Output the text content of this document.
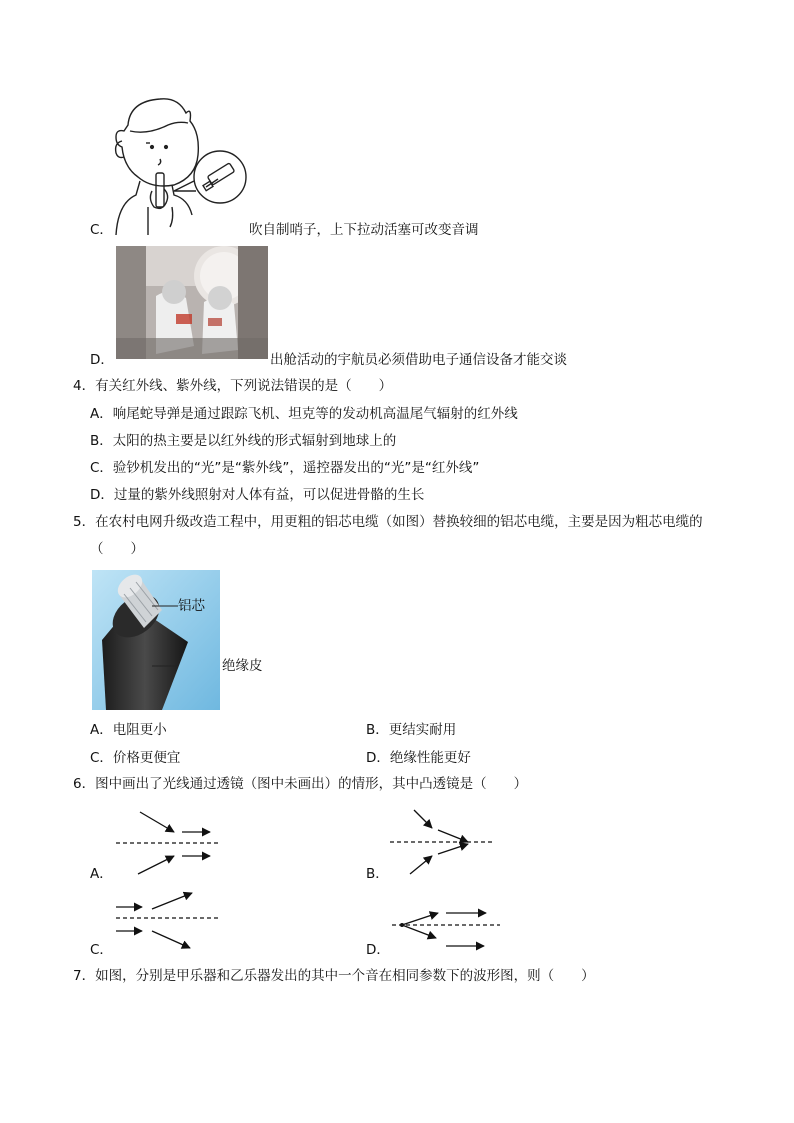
C．	吹自制哨子，上下拉动活塞可改变音调
D．	出舱活动的宇航员必须借助电子通信设备才能交谈
4．有关红外线、紫外线，下列说法错误的是（　　）
A．响尾蛇导弹是通过跟踪飞机、坦克等的发动机高温尾气辐射的红外线
B．太阳的热主要是以红外线的形式辐射到地球上的
C．验钞机发出的“光”是“紫外线”，遥控器发出的“光”是“红外线”
D．过量的紫外线照射对人体有益，可以促进骨骼的生长
5．在农村电网升级改造工程中，用更粗的铝芯电缆（如图）替换较细的铝芯电缆，主要是因为粗芯电缆的
（　　）
铝芯
绝缘皮
A．电阻更小	B．更结实耐用
C．价格更便宜	D．绝缘性能更好
6．图中画出了光线通过透镜（图中未画出）的情形，其中凸透镜是（　　）
A．	B．
C．	D．
7．如图，分别是甲乐器和乙乐器发出的其中一个音在相同参数下的波形图，则（　　）
